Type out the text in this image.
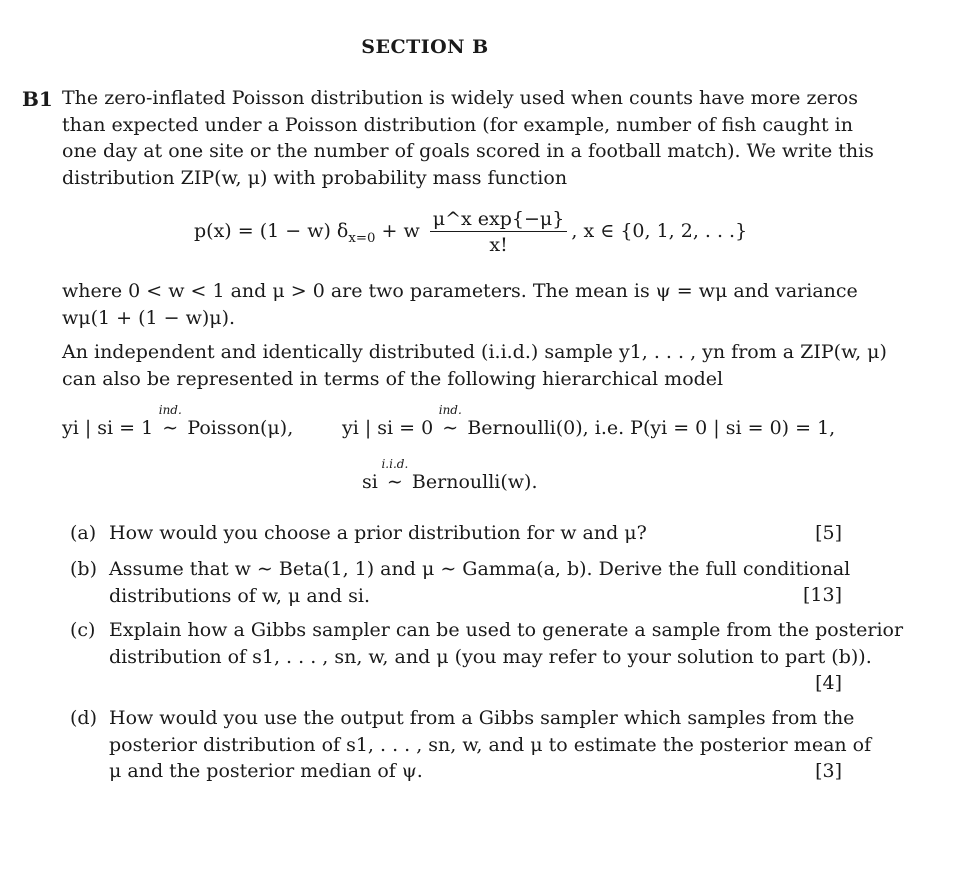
SECTION B
B1 The zero-inflated Poisson distribution is widely used when counts have more zeros
than expected under a Poisson distribution (for example, number of fish caught in
one day at one site or the number of goals scored in a football match). We write this
distribution ZIP(w, μ) with probability mass function
p(x) = (1 − w) $\delta_{x=0} + w \frac{\text{μ\textasciicircum{}x exp\{−μ\}}}{x!}$ , x ∈ {0, 1, 2, . . .}
where 0 < w < 1 and μ > 0 are two parameters. The mean is ψ = wμ and variance
wμ(1 + (1 − w)μ).
An independent and identically distributed (i.i.d.) sample y1, . . . , yn from a ZIP(w, μ)
can also be represented in terms of the following hierarchical model
yi | si = 1
ind.
∼ Poisson(μ),	yi | si = 0
ind.
∼ Bernoulli(0), i.e. P(yi = 0 | si = 0) = 1,
si
i.i.d.
∼ Bernoulli(w).
(a) How would you choose a prior distribution for w and μ?	[5]
(b) Assume that w ∼ Beta(1, 1) and μ ∼ Gamma(a, b). Derive the full conditional
distributions of w, μ and si.	[13]
(c) Explain how a Gibbs sampler can be used to generate a sample from the posterior
distribution of s1, . . . , sn, w, and μ (you may refer to your solution to part (b)).
[4]
(d) How would you use the output from a Gibbs sampler which samples from the
posterior distribution of s1, . . . , sn, w, and μ to estimate the posterior mean of
μ and the posterior median of ψ.	[3]
